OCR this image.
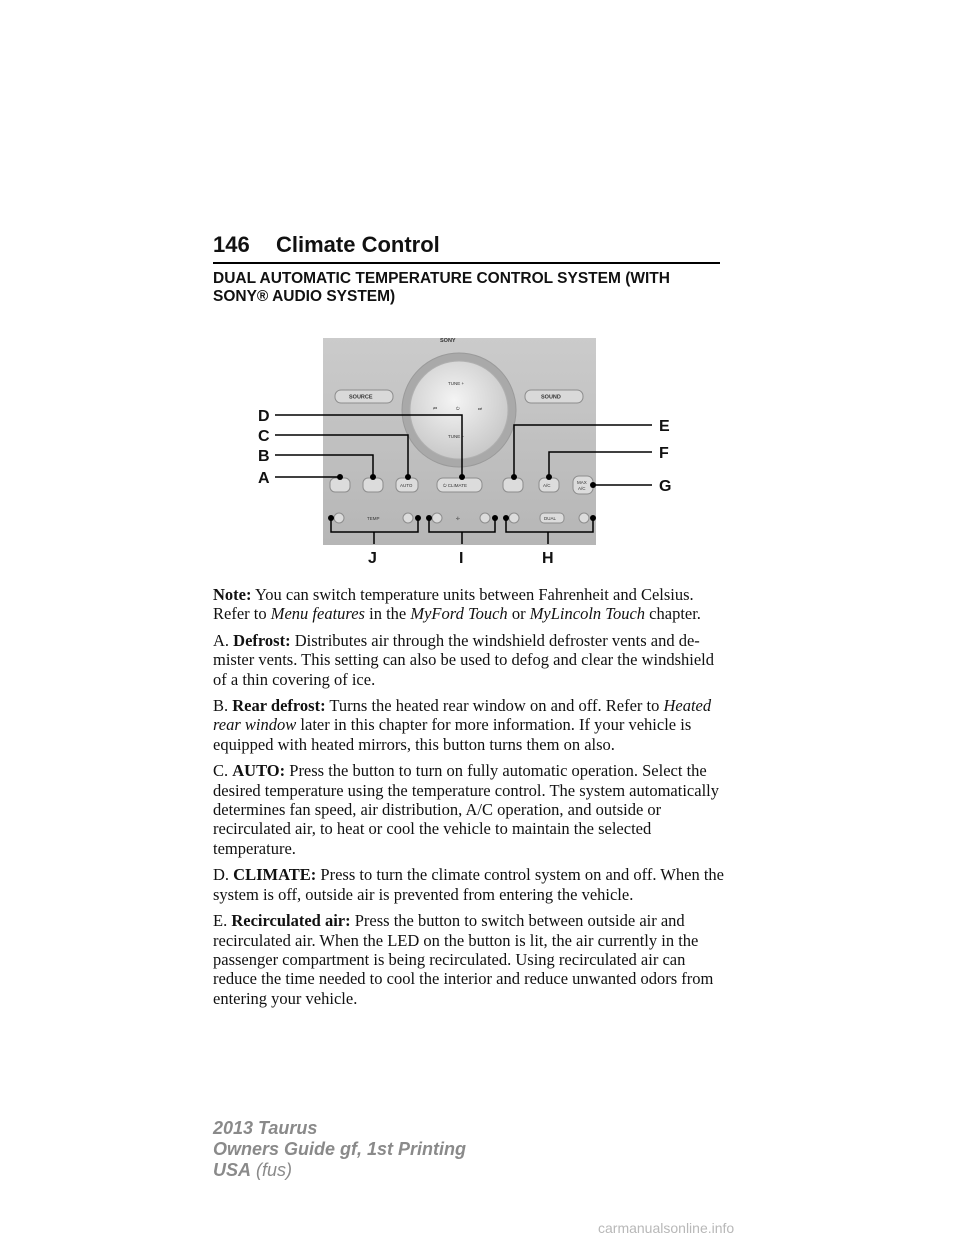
146 Climate Control
DUAL AUTOMATIC TEMPERATURE CONTROL SYSTEM (WITH
SONY® AUDIO SYSTEM)
SONY
TUNE +
TUNE –
⏮	⏻	⏭
SOURCE	SOUND
AUTO	⏻ CLIMATE	A/C
MAX
A/C
TEMP	✢	DUAL
D
C
B
A
E
F
G
J	I	H

Note: You can switch temperature units between Fahrenheit and Celsius. Refer to Menu features in the MyFord Touch or MyLincoln Touch chapter.

A. Defrost: Distributes air through the windshield defroster vents and de-mister vents. This setting can also be used to defog and clear the windshield of a thin covering of ice.

B. Rear defrost: Turns the heated rear window on and off. Refer to Heated rear window later in this chapter for more information. If your vehicle is equipped with heated mirrors, this button turns them on also.

C. AUTO: Press the button to turn on fully automatic operation. Select the desired temperature using the temperature control. The system automatically determines fan speed, air distribution, A/C operation, and outside or recirculated air, to heat or cool the vehicle to maintain the selected temperature.

D. CLIMATE: Press to turn the climate control system on and off. When the system is off, outside air is prevented from entering the vehicle.

E. Recirculated air: Press the button to switch between outside air and recirculated air. When the LED on the button is lit, the air currently in the passenger compartment is being recirculated. Using recirculated air can reduce the time needed to cool the interior and reduce unwanted odors from entering your vehicle.

2013 Taurus
Owners Guide gf, 1st Printing
USA (fus)
carmanualsonline.info
